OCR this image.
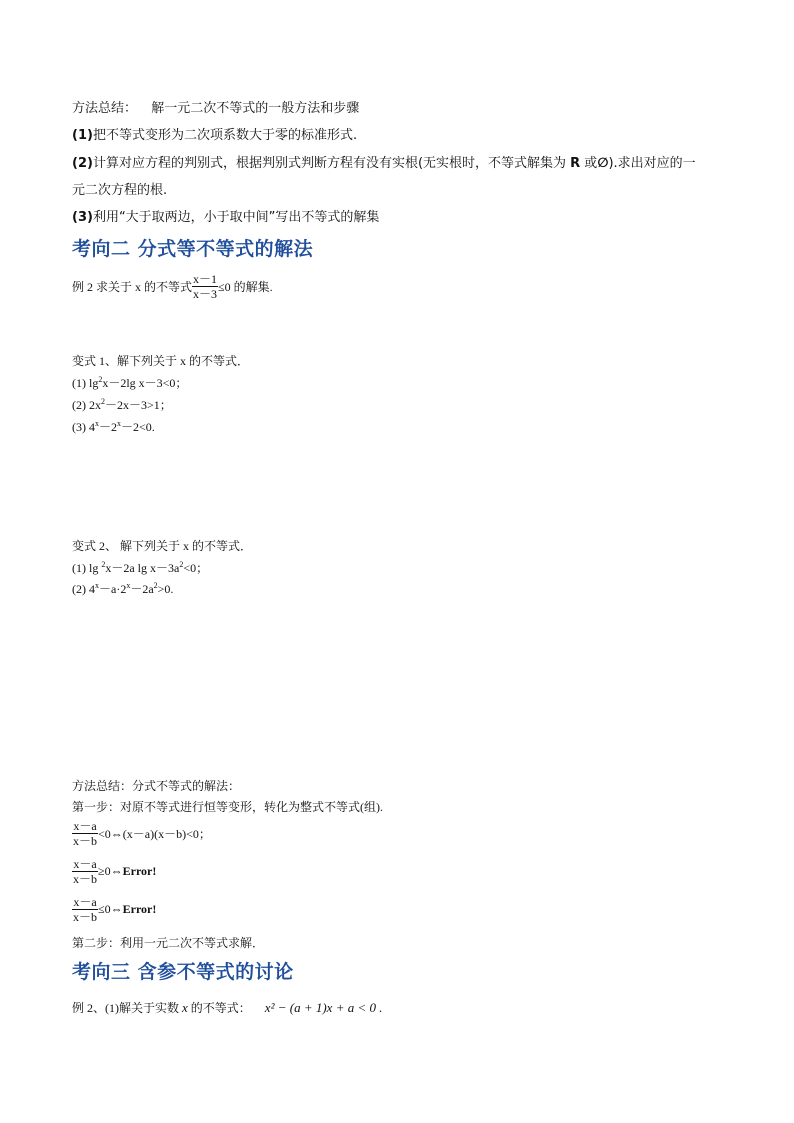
方法总结： 解一元二次不等式的一般方法和步骤
(1)把不等式变形为二次项系数大于零的标准形式.
(2)计算对应方程的判别式，根据判别式判断方程有没有实根(无实根时，不等式解集为 R 或∅).求出对应的一
元二次方程的根.
(3)利用“大于取两边，小于取中间”写出不等式的解集
考向二 分式等不等式的解法
例 2 求关于 x 的不等式 $\frac{x-1}{x-3} \le 0$ 的解集.
变式 1、解下列关于 x 的不等式．
(1) $\lg^2x-2\lg$ x－3<0；
(2) $2x^2-2x-3>1$；
(3) $4^x-2^x-2<0$.
变式 2、 解下列关于 x 的不等式．
(1) lg $^2$x－2a $\lg x-3a^2<0$；
(2) $4^x-a\cdot 2^x-2a^2>0$.
方法总结：分式不等式的解法：
第一步：对原不等式进行恒等变形，转化为整式不等式(组).
$\frac{x-a}{x-b}$ <0⇔(x－a)(x－b)<0；
$\frac{x-a}{x-b}$ ≥0⇔ Error!
$\frac{x-a}{x-b}$ ≤0⇔ Error!
第二步：利用一元二次不等式求解．
考向三 含参不等式的讨论
例 2、(1)解关于实数 x 的不等式： x² − (a + 1)x + a < 0 .
